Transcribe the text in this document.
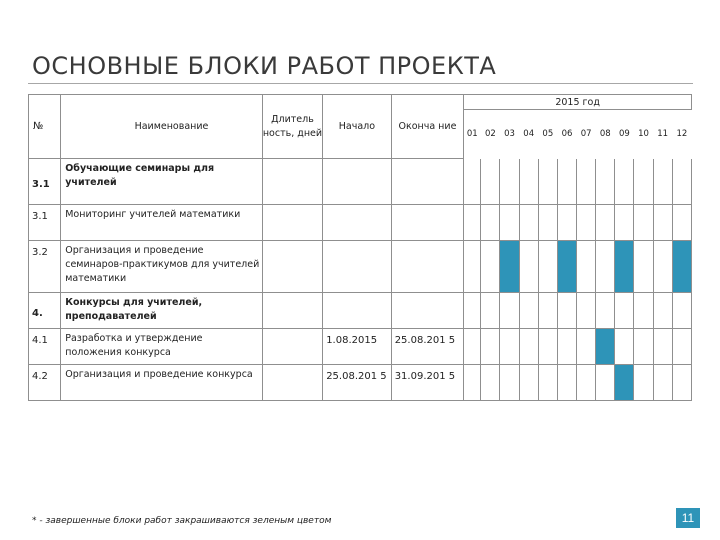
ОСНОВНЫЕ БЛОКИ РАБОТ ПРОЕКТА
№	Наименование	Длитель ность, дней	Начало	Оконча ние	2015 год											
					01	02	03	04	05	06	07	08	09	10	11	12
3.1	Обучающие семинары для учителей															
3.1	Мониторинг учителей математики															
3.2	Организация и проведение семинаров-практикумов для учителей математики															
4.	Конкурсы для учителей, преподавателей															
4.1	Разработка и утверждение положения конкурса		1.08.2015	25.08.201 5												
4.2	Организация и проведение конкурса		25.08.201 5	31.09.201 5												
* - завершенные блоки работ закрашиваются зеленым цветом	11
